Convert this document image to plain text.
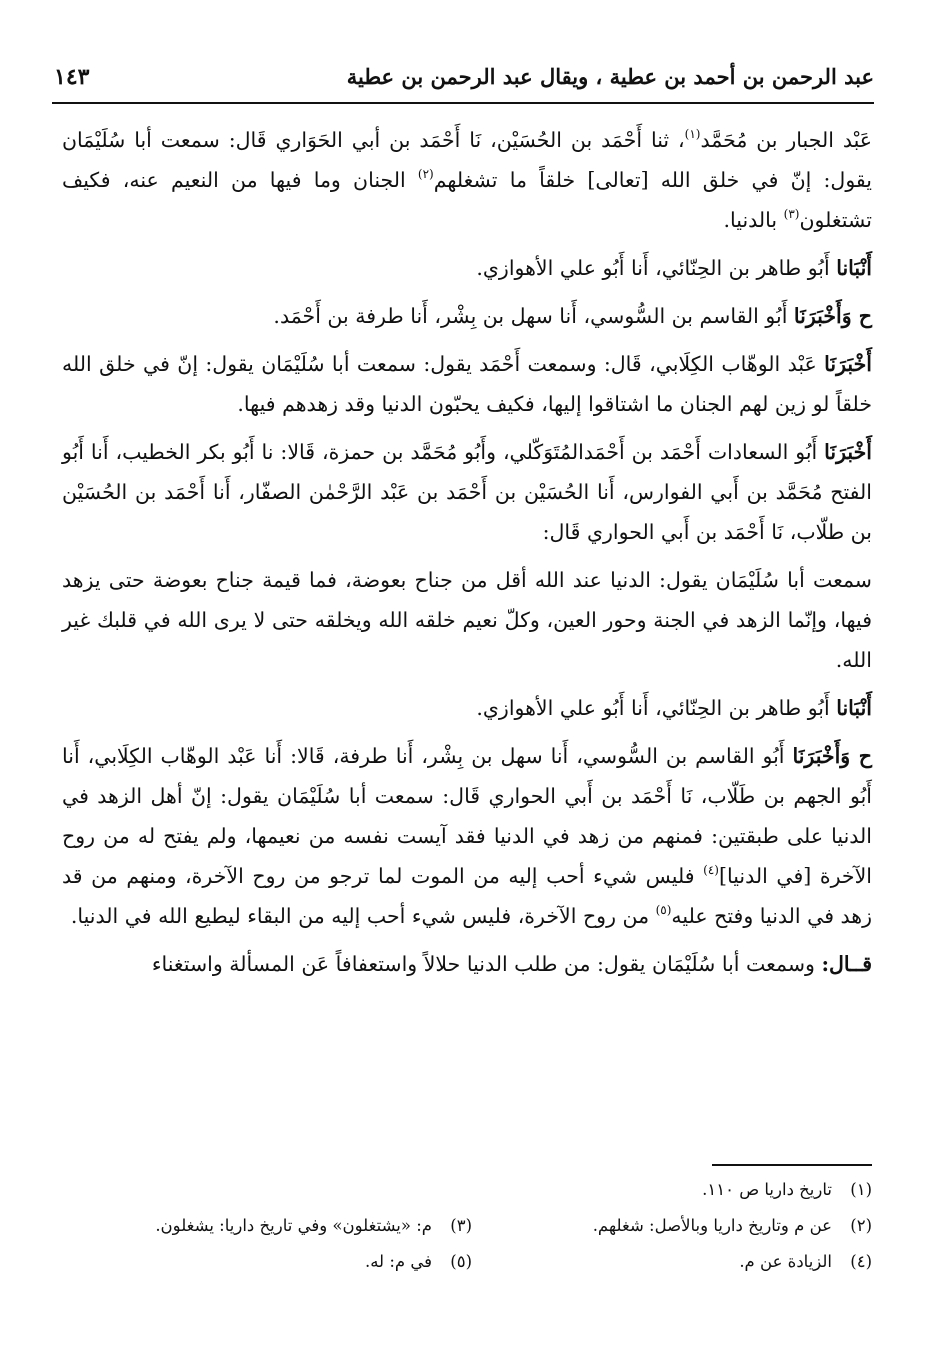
عبد الرحمن بن أحمد بن عطية ، ويقال عبد الرحمن بن عطية
١٤٣

عَبْد الجبار بن مُحَمَّد$^{(١)}$، ثنا أَحْمَد بن الحُسَيْن، نَا أَحْمَد بن أبي الحَوَاري قَال: سمعت أبا سُلَيْمَان يقول: إنّ في خلق الله [تعالى] خلقاً ما تشغلهم$^{(٢)}$ الجنان وما فيها من النعيم عنه، فكيف تشتغلون$^{(٣)}$ بالدنيا.

أَنْبَانا أَبُو طاهر بن الحِنّائي، أَنا أَبُو علي الأهوازي.

ح وَأَخْبَرَنَا أَبُو القاسم بن السُّوسي، أَنا سهل بن بِشْر، أَنا طرفة بن أَحْمَد.

أَخْبَرَنَا عَبْد الوهّاب الكِلَابي، قَال: وسمعت أَحْمَد يقول: سمعت أبا سُلَيْمَان يقول: إنّ في خلق الله خلقاً لو زين لهم الجنان ما اشتاقوا إليها، فكيف يحبّون الدنيا وقد زهدهم فيها.

أَخْبَرَنَا أَبُو السعادات أَحْمَد بن أَحْمَدالمُتَوَكّلي، وأَبُو مُحَمَّد بن حمزة، قَالا: نا أَبُو بكر الخطيب، أَنا أَبُو الفتح مُحَمَّد بن أَبي الفوارس، أَنا الحُسَيْن بن أَحْمَد بن عَبْد الرَّحْمٰن الصفّار، أَنا أَحْمَد بن الحُسَيْن بن طلّاب، نَا أَحْمَد بن أَبي الحواري قَال:

سمعت أبا سُلَيْمَان يقول: الدنيا عند الله أقل من جناح بعوضة، فما قيمة جناح بعوضة حتى يزهد فيها، وإنّما الزهد في الجنة وحور العين، وكلّ نعيم خلقه الله ويخلقه حتى لا يرى الله في قلبك غير الله.

أَنْبَانا أَبُو طاهر بن الحِنّائي، أَنا أَبُو علي الأهوازي.

ح وَأَخْبَرَنَا أَبُو القاسم بن السُّوسي، أَنا سهل بن بِشْر، أَنا طرفة، قَالا: أَنا عَبْد الوهّاب الكِلَابي، أَنا أَبُو الجهم بن طَلّاب، نَا أَحْمَد بن أَبي الحواري قَال: سمعت أبا سُلَيْمَان يقول: إنّ أهل الزهد في الدنيا على طبقتين: فمنهم من زهد في الدنيا فقد آيست نفسه من نعيمها، ولم يفتح له من روح الآخرة [في الدنيا]$^{(٤)}$ فليس شيء أحب إليه من الموت لما ترجو من روح الآخرة، ومنهم من قد زهد في الدنيا وفتح عليه$^{(٥)}$ من روح الآخرة، فليس شيء أحب إليه من البقاء ليطيع الله في الدنيا.

قــال: وسمعت أبا سُلَيْمَان يقول: من طلب الدنيا حلالاً واستعفافاً عَن المسألة واستغناء

(١)تاريخ داريا ص ١١٠.
(٢)عن م وتاريخ داريا وبالأصل: شغلهم.
(٣)م: «يشتغلون» وفي تاريخ داريا: يشغلون.
(٤)الزيادة عن م.
(٥)في م: له.
